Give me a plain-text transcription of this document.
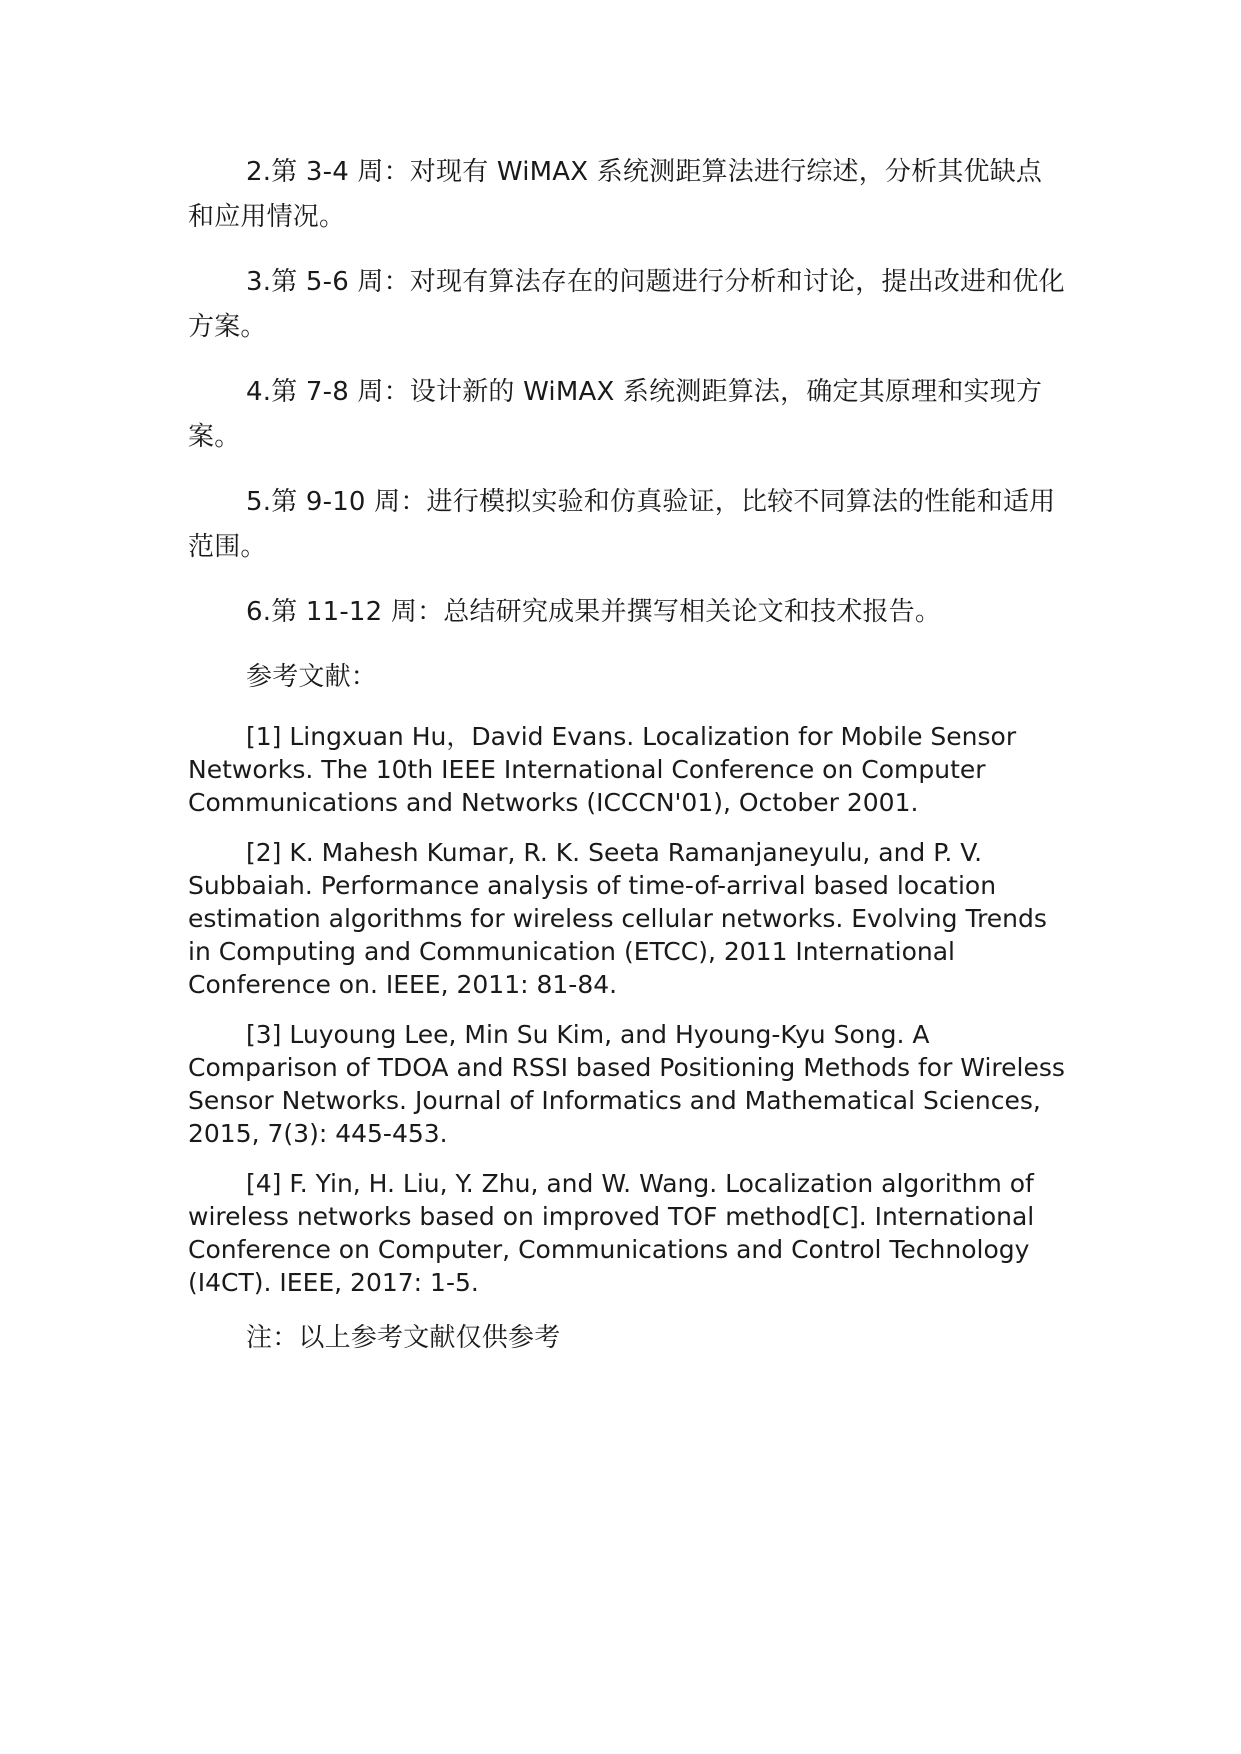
2.第 3-4 周：对现有 WiMAX 系统测距算法进行综述，分析其优缺点和应用情况。

3.第 5-6 周：对现有算法存在的问题进行分析和讨论，提出改进和优化方案。

4.第 7-8 周：设计新的 WiMAX 系统测距算法，确定其原理和实现方案。

5.第 9-10 周：进行模拟实验和仿真验证，比较不同算法的性能和适用范围。

6.第 11-12 周：总结研究成果并撰写相关论文和技术报告。

参考文献：

[1] Lingxuan Hu，David Evans. Localization for Mobile Sensor Networks. The 10th IEEE International Conference on Computer Communications and Networks (ICCCN'01), October 2001.

[2] K. Mahesh Kumar, R. K. Seeta Ramanjaneyulu, and P. V. Subbaiah. Performance analysis of time-of-arrival based location estimation algorithms for wireless cellular networks. Evolving Trends in Computing and Communication (ETCC), 2011 International Conference on. IEEE, 2011: 81-84.

[3] Luyoung Lee, Min Su Kim, and Hyoung-Kyu Song. A Comparison of TDOA and RSSI based Positioning Methods for Wireless Sensor Networks. Journal of Informatics and Mathematical Sciences, 2015, 7(3): 445-453.

[4] F. Yin, H. Liu, Y. Zhu, and W. Wang. Localization algorithm of wireless networks based on improved TOF method[C]. International Conference on Computer, Communications and Control Technology (I4CT). IEEE, 2017: 1-5.

注：以上参考文献仅供参考
